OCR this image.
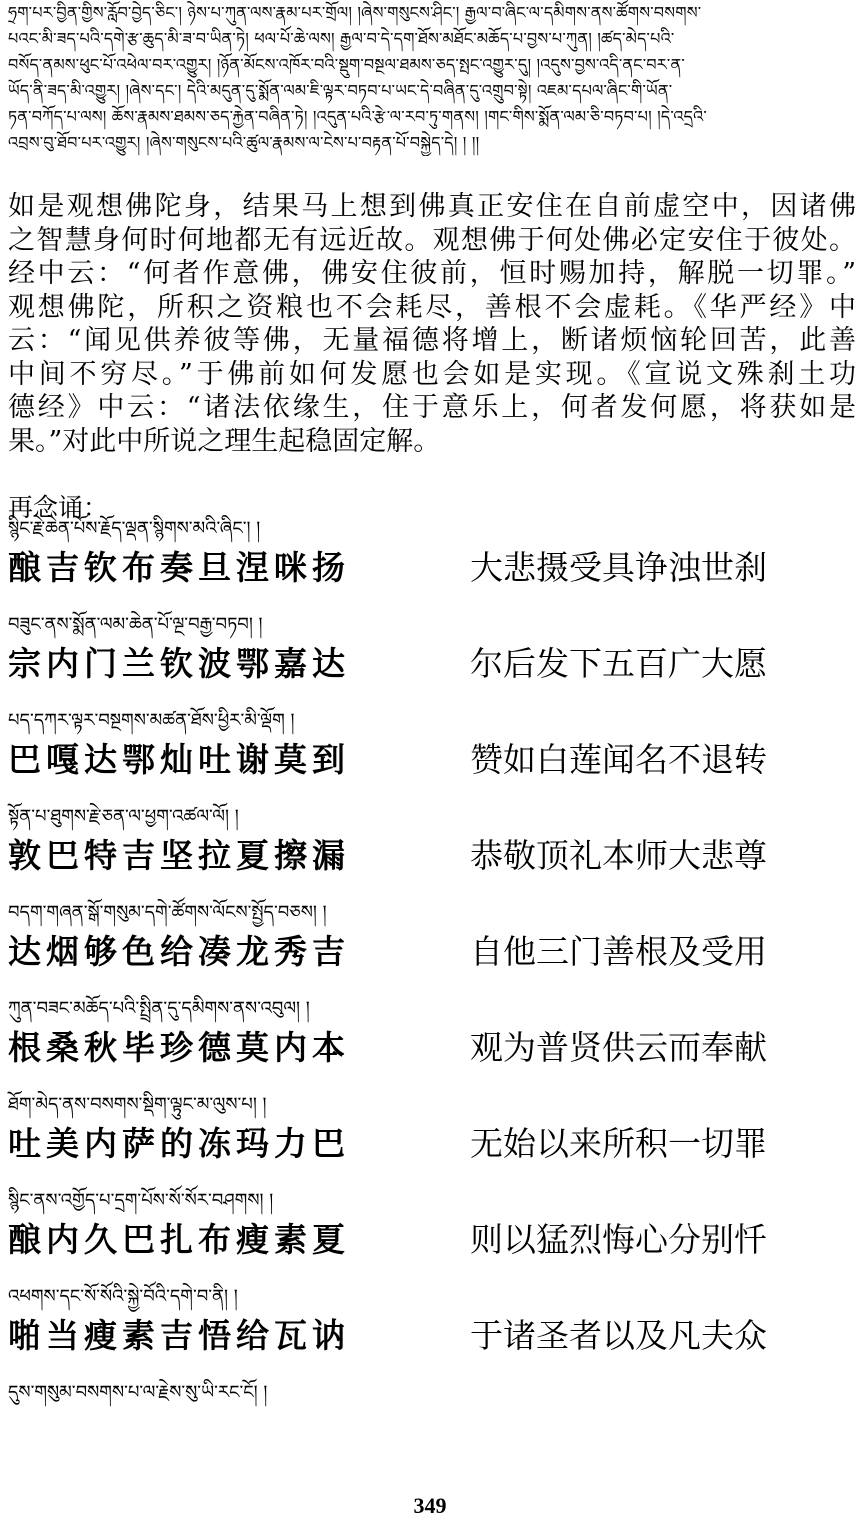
ཧྲག་པར་བྱིན་གྱིས་རློབ་བྱེད་ཅིང་། ཉེས་པ་ཀུན་ལས་རྣམ་པར་གྲོལ། །ཞེས་གསུངས་ཤིང་། རྒྱལ་བ་ཞིང་ལ་དམིགས་ནས་ཚོགས་བསགས་
པའང་མི་ཟད་པའི་དགེ་རྩ་ཆུད་མི་ཟ་བ་ཡིན་ཏེ། ཕལ་པོ་ཆེ་ལས། རྒྱལ་བ་དེ་དག་ཐོས་མཐོང་མཆོད་པ་བྱས་པ་ཀུན། །ཚད་མེད་པའི་
བསོད་ནམས་ཕུང་པོ་འཕེལ་བར་འགྱུར། །ཉོན་མོངས་འཁོར་བའི་སྡུག་བསྔལ་ཐམས་ཅད་སྤང་འགྱུར་དུ། །འདུས་བྱས་འདི་ནང་བར་ན་
ཡོད་ནི་ཟད་མི་འགྱུར། །ཞེས་དང་། དེའི་མདུན་དུ་སྨོན་ལམ་ཇི་ལྟར་བཏབ་པ་ཡང་དེ་བཞིན་དུ་འགྲུབ་སྟེ། འཇམ་དཔལ་ཞིང་གི་ཡོན་
ཏན་བཀོད་པ་ལས། ཆོས་རྣམས་ཐམས་ཅད་རྐྱེན་བཞིན་ཏེ། །འདུན་པའི་རྩེ་ལ་རབ་ཏུ་གནས། །གང་གིས་སྨོན་ལམ་ཅི་བཏབ་པ། །དེ་འདྲའི་
འབྲས་བུ་ཐོབ་པར་འགྱུར། །ཞེས་གསུངས་པའི་ཚུལ་རྣམས་ལ་ངེས་པ་བརྟན་པོ་བསྐྱེད་དེ། ། །།
如是观想佛陀身，结果马上想到佛真正安住在自前虚空中，因诸佛
之智慧身何时何地都无有远近故。观想佛于何处佛必定安住于彼处。
经中云：“何者作意佛，佛安住彼前，恒时赐加持，解脱一切罪。”
观想佛陀，所积之资粮也不会耗尽，善根不会虚耗。《华严经》中
云：“闻见供养彼等佛，无量福德将增上，断诸烦恼轮回苦，此善
中间不穷尽。”于佛前如何发愿也会如是实现。《宣说文殊刹土功
德经》中云：“诸法依缘生，住于意乐上，何者发何愿，将获如是
果。”对此中所说之理生起稳固定解。
再念诵：
སྙིང་རྗེ་ཆེན་པོས་རྗོད་ལྡན་སྙིགས་མའི་ཞིང་། །
酿吉钦布奏旦涅咪扬	大悲摄受具诤浊世刹
བཟུང་ནས་སྨོན་ལམ་ཆེན་པོ་ལྔ་བརྒྱ་བཏབ། །
宗内门兰钦波鄂嘉达	尔后发下五百广大愿
པད་དཀར་ལྟར་བསྔགས་མཚན་ཐོས་ཕྱིར་མི་ལྡོག །
巴嘎达鄂灿吐谢莫到	赞如白莲闻名不退转
སྟོན་པ་ཐུགས་རྗེ་ཅན་ལ་ཕྱག་འཚལ་ལོ། །
敦巴特吉坚拉夏擦漏	恭敬顶礼本师大悲尊
བདག་གཞན་སྒོ་གསུམ་དགེ་ཚོགས་ལོངས་སྤྱོད་བཅས། །
达烟够色给凑龙秀吉	自他三门善根及受用
ཀུན་བཟང་མཆོད་པའི་སྤྲིན་དུ་དམིགས་ནས་འབུལ། །
根桑秋毕珍德莫内本	观为普贤供云而奉献
ཐོག་མེད་ནས་བསགས་སྡིག་ལྟུང་མ་ལུས་པ། །
吐美内萨的冻玛力巴	无始以来所积一切罪
སྙིང་ནས་འགྱོད་པ་དྲག་པོས་སོ་སོར་བཤགས། །
酿内久巴扎布瘦素夏	则以猛烈悔心分别忏
འཕགས་དང་སོ་སོའི་སྐྱེ་བོའི་དགེ་བ་ནི། །
啪当瘦素吉悟给瓦讷	于诸圣者以及凡夫众
དུས་གསུམ་བསགས་པ་ལ་རྗེས་སུ་ཡི་རང་ངོ། །
349
